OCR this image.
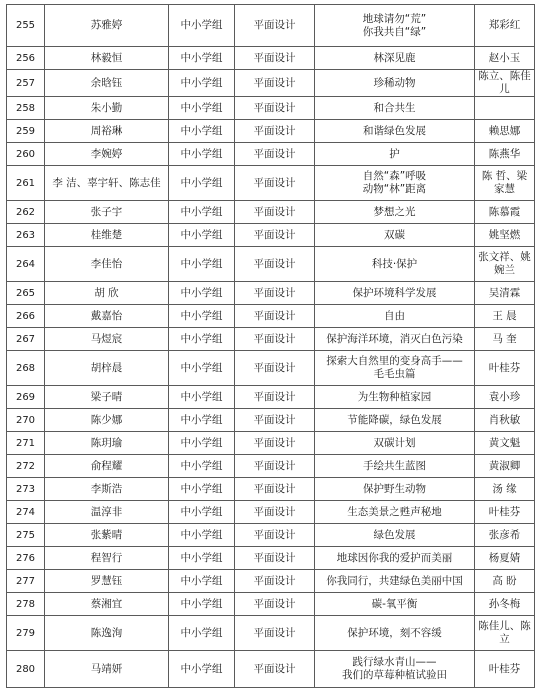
255	苏雅婷	中小学组	平面设计	地球请勿“荒”
你我共自“绿”	郑彩红
256	林毅恒	中小学组	平面设计	林深见鹿	赵小玉
257	余晗钰	中小学组	平面设计	珍稀动物	陈立、陈佳儿
258	朱小勤	中小学组	平面设计	和合共生	
259	周裕琳	中小学组	平面设计	和谐绿色发展	赖思娜
260	李婉婷	中小学组	平面设计	护	陈燕华
261	李 洁、辜宇轩、陈志佳	中小学组	平面设计	自然“森”呼吸
动物“林”距离	陈 哲、梁家慧
262	张子宇	中小学组	平面设计	梦想之光	陈慕霞
263	桂维楚	中小学组	平面设计	双碳	姚坚燃
264	李佳怡	中小学组	平面设计	科技·保护	张文祥、姚婉兰
265	胡 欣	中小学组	平面设计	保护环境科学发展	吴清霖
266	戴嘉怡	中小学组	平面设计	自由	王 晨
267	马煜宸	中小学组	平面设计	保护海洋环境，消灭白色污染	马 奎
268	胡梓晨	中小学组	平面设计	探索大自然里的变身高手——
毛毛虫篇	叶桂芬
269	梁子晴	中小学组	平面设计	为生物种植家园	袁小珍
270	陈少娜	中小学组	平面设计	节能降碳，绿色发展	肖秋敏
271	陈玥瑜	中小学组	平面设计	双碳计划	黄文魁
272	俞程耀	中小学组	平面设计	手绘共生蓝图	黄淑卿
273	李斯浩	中小学组	平面设计	保护野生动物	汤 缘
274	温淳非	中小学组	平面设计	生态美景之甦声秘地	叶桂芬
275	张紫晴	中小学组	平面设计	绿色发展	张彦希
276	程智行	中小学组	平面设计	地球因你我的爱护而美丽	杨夏婧
277	罗慧钰	中小学组	平面设计	你我同行，共建绿色美丽中国	高 盼
278	蔡湘宜	中小学组	平面设计	碳-氧平衡	孙冬梅
279	陈逸洵	中小学组	平面设计	保护环境，刻不容缓	陈佳儿、陈立
280	马靖妍	中小学组	平面设计	践行绿水青山——
我们的草莓种植试验田	叶桂芬
